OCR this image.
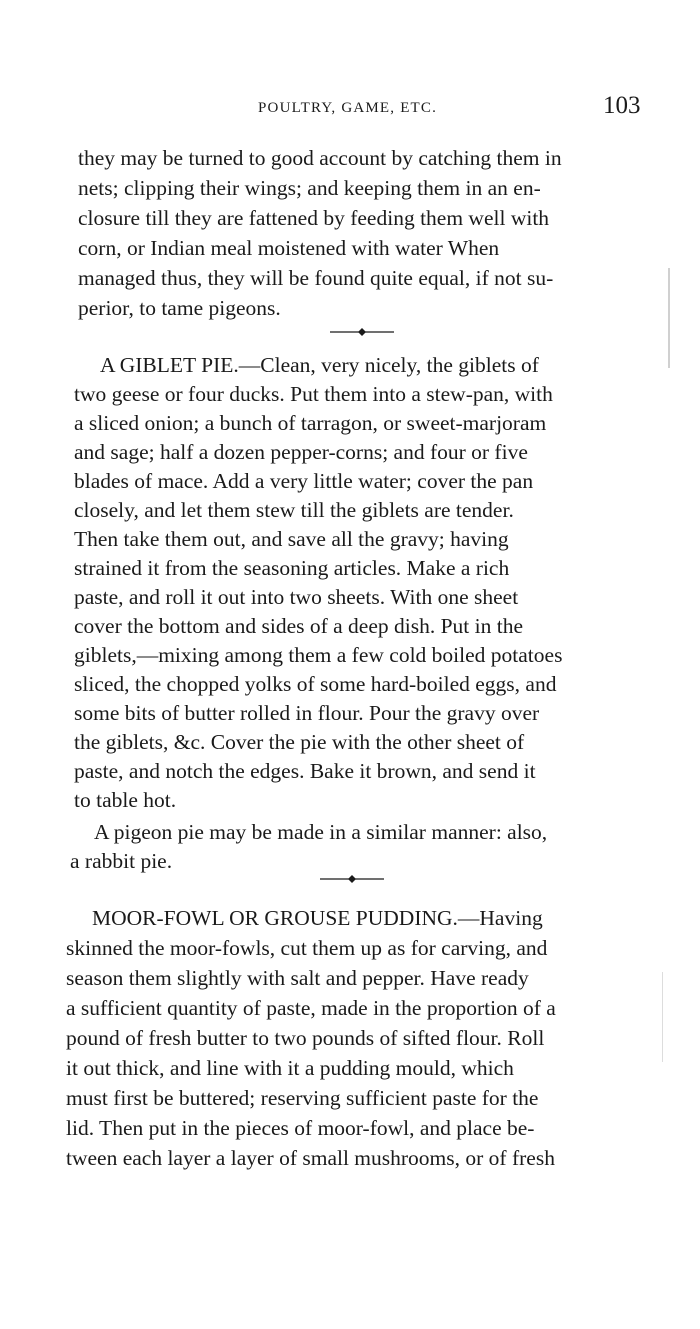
POULTRY, GAME, ETC.	103
they may be turned to good account by catching them in
nets; clipping their wings; and keeping them in an en-
closure till they are fattened by feeding them well with
corn, or Indian meal moistened with water When
managed thus, they will be found quite equal, if not su-
perior, to tame pigeons.
A GIBLET PIE.—Clean, very nicely, the giblets of
two geese or four ducks. Put them into a stew-pan, with
a sliced onion; a bunch of tarragon, or sweet-marjoram
and sage; half a dozen pepper-corns; and four or five
blades of mace. Add a very little water; cover the pan
closely, and let them stew till the giblets are tender.
Then take them out, and save all the gravy; having
strained it from the seasoning articles. Make a rich
paste, and roll it out into two sheets. With one sheet
cover the bottom and sides of a deep dish. Put in the
giblets,—mixing among them a few cold boiled potatoes
sliced, the chopped yolks of some hard-boiled eggs, and
some bits of butter rolled in flour. Pour the gravy over
the giblets, &c. Cover the pie with the other sheet of
paste, and notch the edges. Bake it brown, and send it
to table hot.
A pigeon pie may be made in a similar manner: also,
a rabbit pie.
MOOR-FOWL OR GROUSE PUDDING.—Having
skinned the moor-fowls, cut them up as for carving, and
season them slightly with salt and pepper. Have ready
a sufficient quantity of paste, made in the proportion of a
pound of fresh butter to two pounds of sifted flour. Roll
it out thick, and line with it a pudding mould, which
must first be buttered; reserving sufficient paste for the
lid. Then put in the pieces of moor-fowl, and place be-
tween each layer a layer of small mushrooms, or of fresh
